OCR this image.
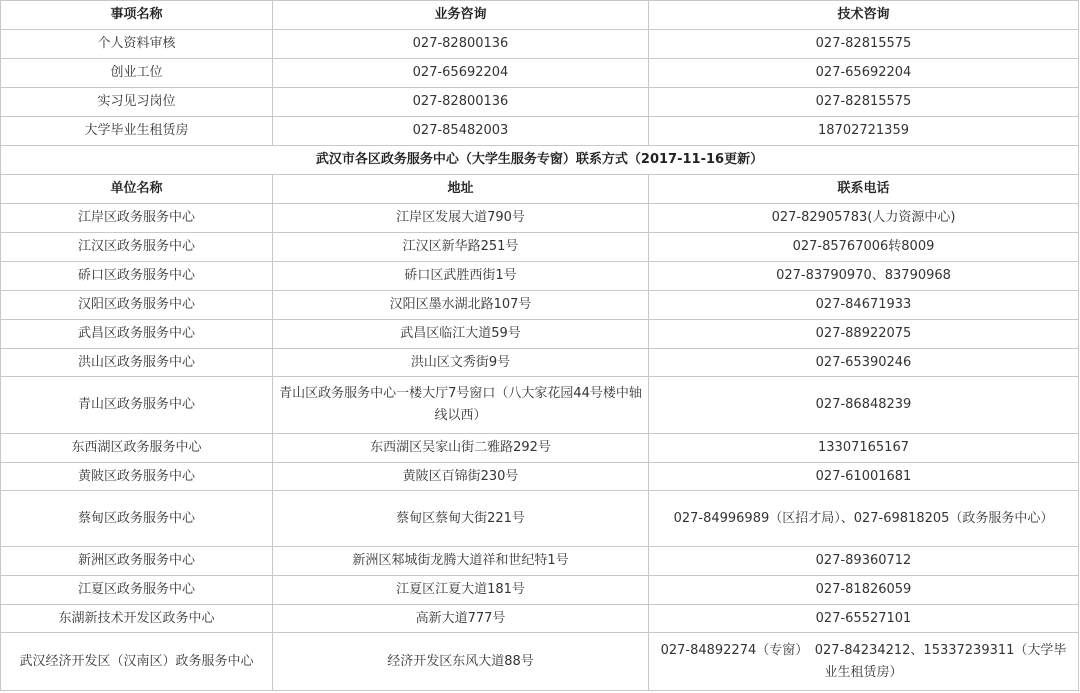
事项名称	业务咨询	技术咨询
个人资料审核	027-82800136	027-82815575
创业工位	027-65692204	027-65692204
实习见习岗位	027-82800136	027-82815575
大学毕业生租赁房	027-85482003	18702721359
武汉市各区政务服务中心（大学生服务专窗）联系方式（2017-11-16更新）		
单位名称	地址	联系电话
江岸区政务服务中心	江岸区发展大道790号	027-82905783(人力资源中心)
江汉区政务服务中心	江汉区新华路251号	027-85767006转8009
硚口区政务服务中心	硚口区武胜西街1号	027-83790970、83790968
汉阳区政务服务中心	汉阳区墨水湖北路107号	027-84671933
武昌区政务服务中心	武昌区临江大道59号	027-88922075
洪山区政务服务中心	洪山区文秀街9号	027-65390246
青山区政务服务中心	青山区政务服务中心一楼大厅7号窗口（八大家花园44号楼中轴线以西）	027-86848239
东西湖区政务服务中心	东西湖区吴家山街二雅路292号	13307165167
黄陂区政务服务中心	黄陂区百锦街230号	027-61001681
蔡甸区政务服务中心	蔡甸区蔡甸大街221号	027-84996989（区招才局）、027-69818205（政务服务中心）
新洲区政务服务中心	新洲区邾城街龙腾大道祥和世纪特1号	027-89360712
江夏区政务服务中心	江夏区江夏大道181号	027-81826059
东湖新技术开发区政务中心	高新大道777号	027-65527101
武汉经济开发区（汉南区）政务服务中心	经济开发区东风大道88号	027-84892274（专窗）　027-84234212、15337239311（大学毕业生租赁房）
